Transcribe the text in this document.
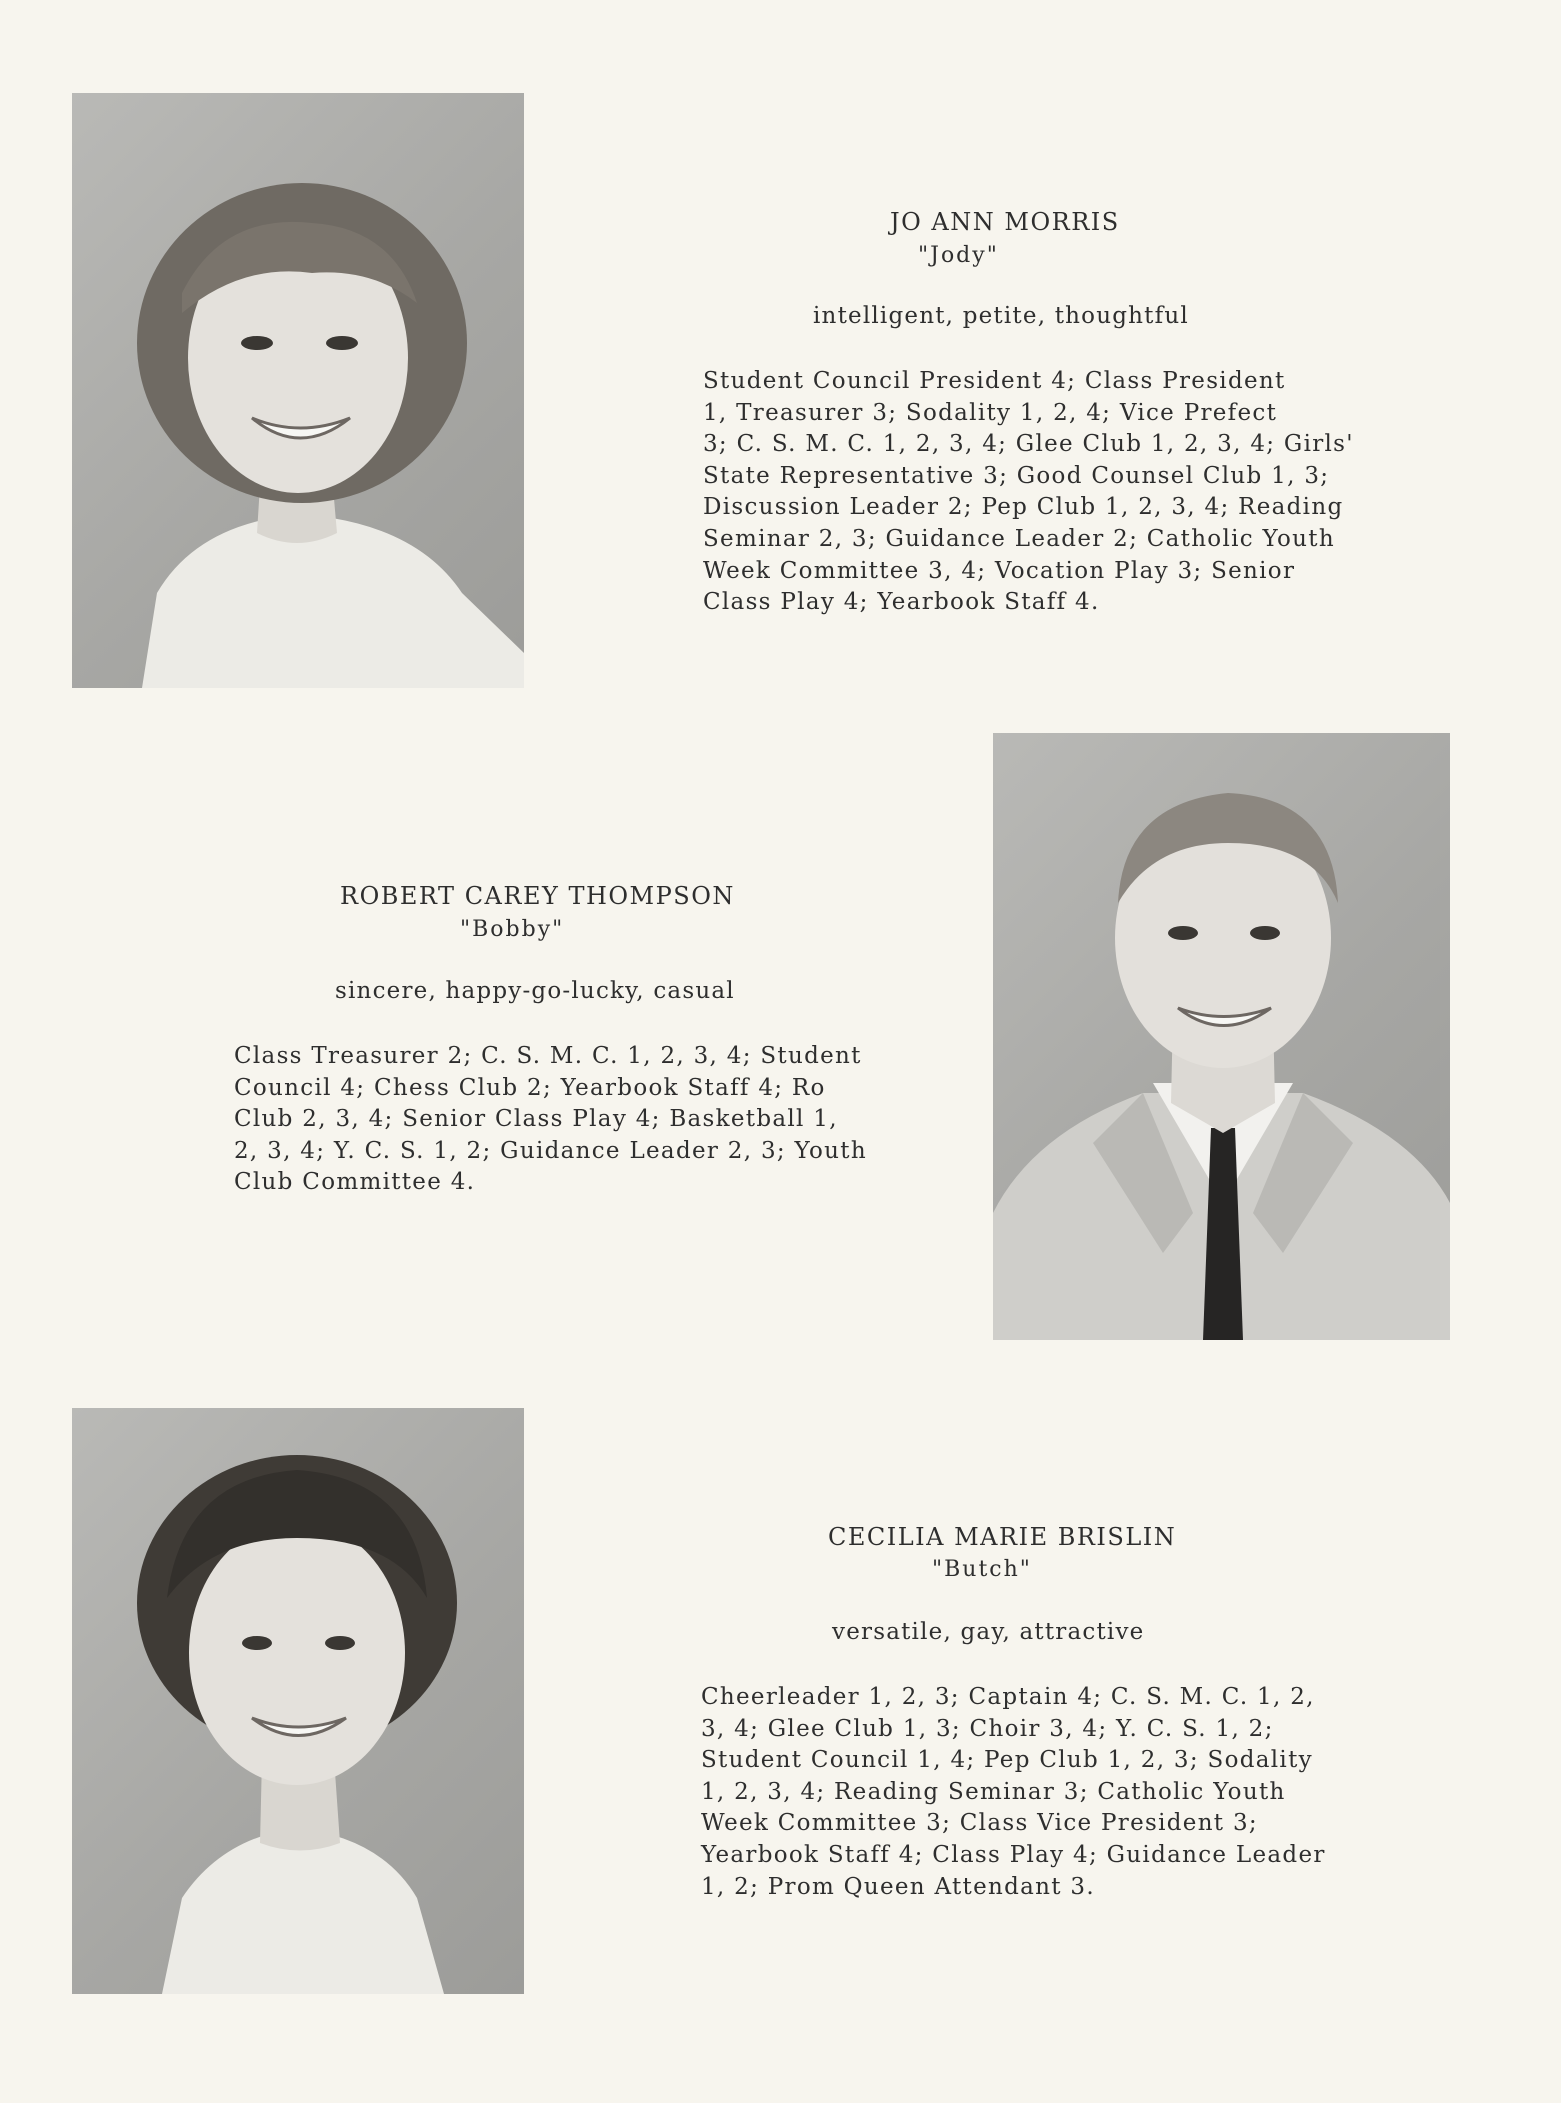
JO ANN MORRIS
"Jody"
intelligent, petite, thoughtful
Student Council President 4; Class President
1, Treasurer 3; Sodality 1, 2, 4; Vice Prefect
3; C. S. M. C. 1, 2, 3, 4; Glee Club 1, 2, 3, 4; Girls'
State Representative 3; Good Counsel Club 1, 3;
Discussion Leader 2; Pep Club 1, 2, 3, 4; Reading
Seminar 2, 3; Guidance Leader 2; Catholic Youth
Week Committee 3, 4; Vocation Play 3; Senior
Class Play 4; Yearbook Staff 4.
ROBERT CAREY THOMPSON
"Bobby"
sincere, happy-go-lucky, casual
Class Treasurer 2; C. S. M. C. 1, 2, 3, 4; Student
Council 4; Chess Club 2; Yearbook Staff 4; Ro
Club 2, 3, 4; Senior Class Play 4; Basketball 1,
2, 3, 4; Y. C. S. 1, 2; Guidance Leader 2, 3; Youth
Club Committee 4.
CECILIA MARIE BRISLIN
"Butch"
versatile, gay, attractive
Cheerleader 1, 2, 3; Captain 4; C. S. M. C. 1, 2,
3, 4; Glee Club 1, 3; Choir 3, 4; Y. C. S. 1, 2;
Student Council 1, 4; Pep Club 1, 2, 3; Sodality
1, 2, 3, 4; Reading Seminar 3; Catholic Youth
Week Committee 3; Class Vice President 3;
Yearbook Staff 4; Class Play 4; Guidance Leader
1, 2; Prom Queen Attendant 3.
